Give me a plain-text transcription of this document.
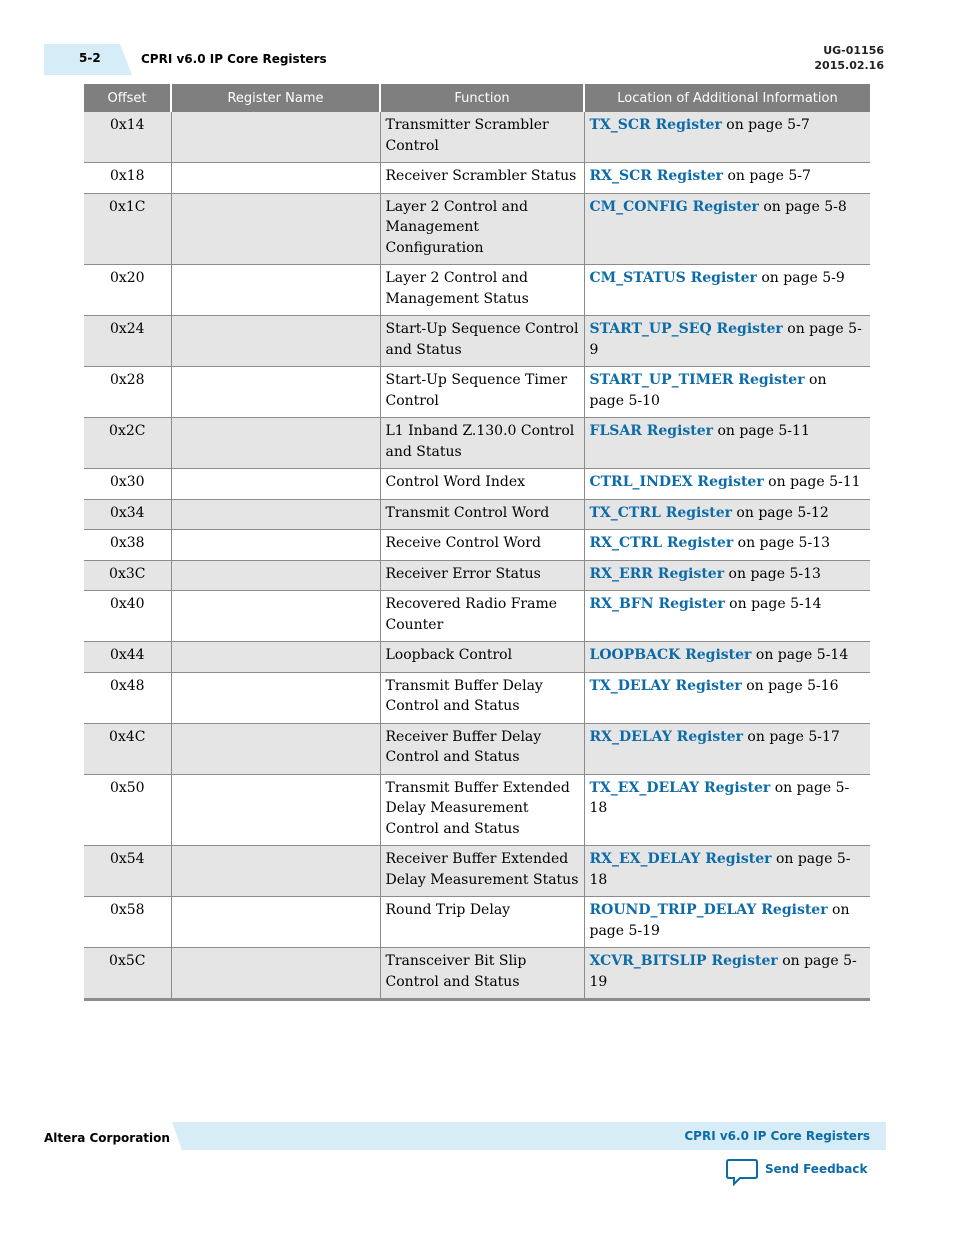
5-2	CPRI v6.0 IP Core Registers
UG-01156
2015.02.16
Offset	Register Name	Function	Location of Additional Information
0x14		Transmitter Scrambler Control	TX_SCR Register on page 5-7
0x18		Receiver Scrambler Status	RX_SCR Register on page 5-7
0x1C		Layer 2 Control and Management Configuration	CM_CONFIG Register on page 5-8
0x20		Layer 2 Control and Management Status	CM_STATUS Register on page 5-9
0x24		Start-Up Sequence Control and Status	START_UP_SEQ Register on page 5-9
0x28		Start-Up Sequence Timer Control	START_UP_TIMER Register on page 5-10
0x2C		L1 Inband Z.130.0 Control and Status	FLSAR Register on page 5-11
0x30		Control Word Index	CTRL_INDEX Register on page 5-11
0x34		Transmit Control Word	TX_CTRL Register on page 5-12
0x38		Receive Control Word	RX_CTRL Register on page 5-13
0x3C		Receiver Error Status	RX_ERR Register on page 5-13
0x40		Recovered Radio Frame Counter	RX_BFN Register on page 5-14
0x44		Loopback Control	LOOPBACK Register on page 5-14
0x48		Transmit Buffer Delay Control and Status	TX_DELAY Register on page 5-16
0x4C		Receiver Buffer Delay Control and Status	RX_DELAY Register on page 5-17
0x50		Transmit Buffer Extended Delay Measurement Control and Status	TX_EX_DELAY Register on page 5-18
0x54		Receiver Buffer Extended Delay Measurement Status	RX_EX_DELAY Register on page 5-18
0x58		Round Trip Delay	ROUND_TRIP_DELAY Register on page 5-19
0x5C		Transceiver Bit Slip Control and Status	XCVR_BITSLIP Register on page 5-19
Altera Corporation	CPRI v6.0 IP Core Registers
Send Feedback
